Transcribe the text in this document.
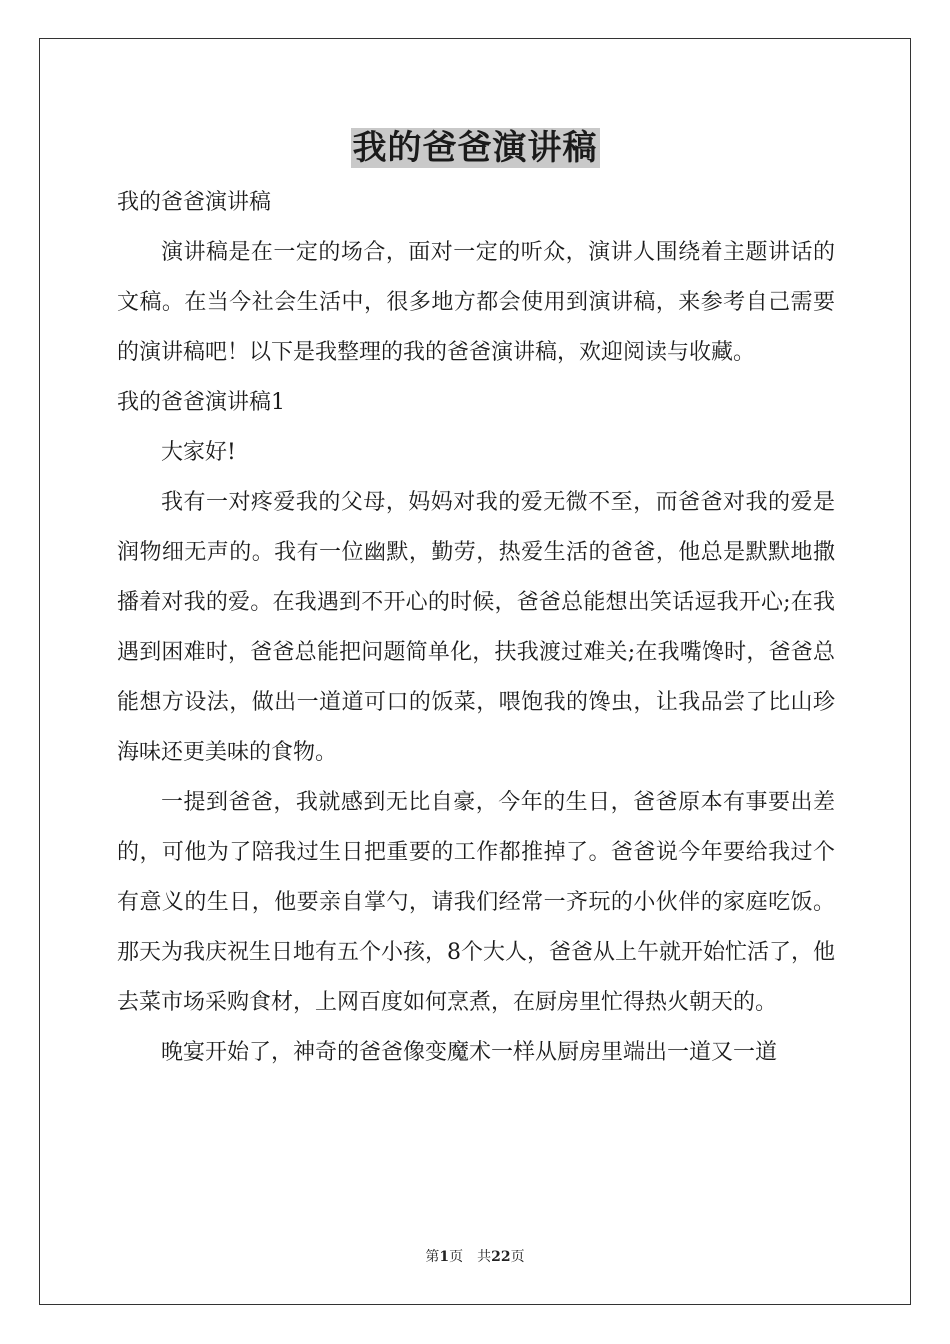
我的爸爸演讲稿

我的爸爸演讲稿

演讲稿是在一定的场合，面对一定的听众，演讲人围绕着主题讲话的文稿。在当今社会生活中，很多地方都会使用到演讲稿，来参考自己需要的演讲稿吧！以下是我整理的我的爸爸演讲稿，欢迎阅读与收藏。

我的爸爸演讲稿1

大家好!

我有一对疼爱我的父母，妈妈对我的爱无微不至，而爸爸对我的爱是润物细无声的。我有一位幽默，勤劳，热爱生活的爸爸，他总是默默地撒播着对我的爱。在我遇到不开心的时候，爸爸总能想出笑话逗我开心;在我遇到困难时，爸爸总能把问题简单化，扶我渡过难关;在我嘴馋时，爸爸总能想方设法，做出一道道可口的饭菜，喂饱我的馋虫，让我品尝了比山珍海味还更美味的食物。

一提到爸爸，我就感到无比自豪，今年的生日，爸爸原本有事要出差的，可他为了陪我过生日把重要的工作都推掉了。爸爸说今年要给我过个有意义的生日，他要亲自掌勺，请我们经常一齐玩的小伙伴的家庭吃饭。那天为我庆祝生日地有五个小孩，8个大人，爸爸从上午就开始忙活了，他去菜市场采购食材，上网百度如何烹煮，在厨房里忙得热火朝天的。

晚宴开始了，神奇的爸爸像变魔术一样从厨房里端出一道又一道

第1页　共22页
